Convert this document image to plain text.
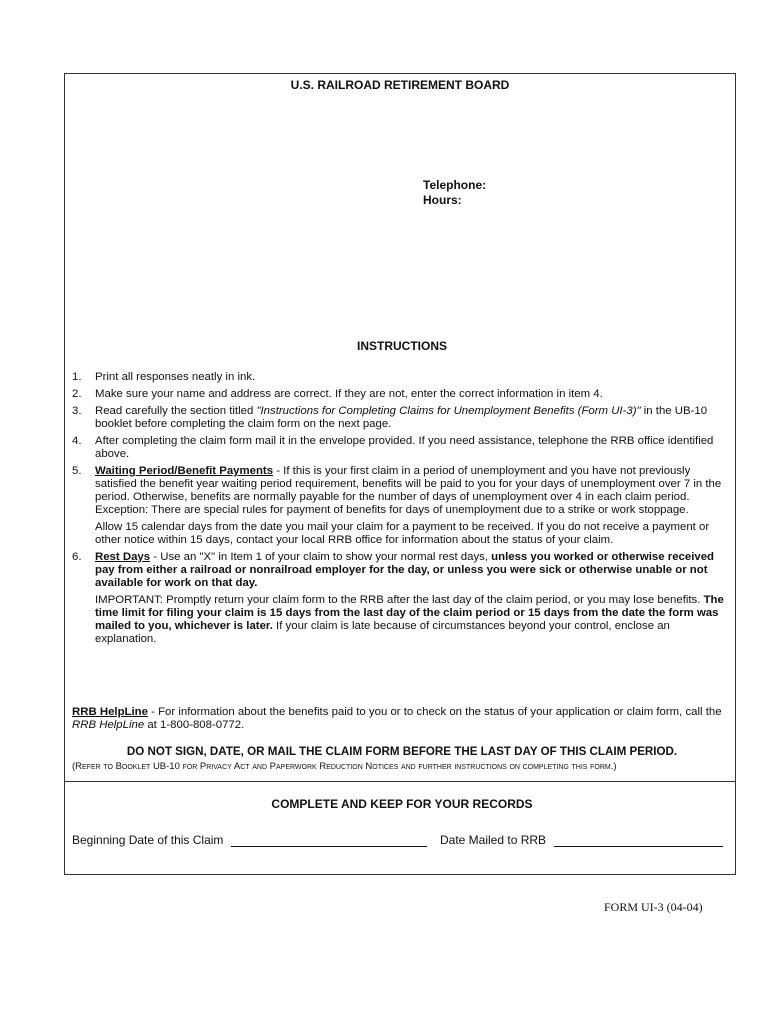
U.S. RAILROAD RETIREMENT BOARD
Telephone:
Hours:
INSTRUCTIONS
1.	Print all responses neatly in ink.
2.	Make sure your name and address are correct. If they are not, enter the correct information in item 4.
3.	Read carefully the section titled "Instructions for Completing Claims for Unemployment Benefits (Form UI-3)" in the UB-10 booklet before completing the claim form on the next page.
4.	After completing the claim form mail it in the envelope provided. If you need assistance, telephone the RRB office identified above.
5.	Waiting Period/Benefit Payments - If this is your first claim in a period of unemployment and you have not previously satisfied the benefit year waiting period requirement, benefits will be paid to you for your days of unemployment over 7 in the period. Otherwise, benefits are normally payable for the number of days of unemployment over 4 in each claim period. Exception: There are special rules for payment of benefits for days of unemployment due to a strike or work stoppage.
Allow 15 calendar days from the date you mail your claim for a payment to be received. If you do not receive a payment or other notice within 15 days, contact your local RRB office for information about the status of your claim.
6.	Rest Days - Use an "X" in Item 1 of your claim to show your normal rest days, unless you worked or otherwise received pay from either a railroad or nonrailroad employer for the day, or unless you were sick or otherwise unable or not available for work on that day.
IMPORTANT: Promptly return your claim form to the RRB after the last day of the claim period, or you may lose benefits. The time limit for filing your claim is 15 days from the last day of the claim period or 15 days from the date the form was mailed to you, whichever is later. If your claim is late because of circumstances beyond your control, enclose an explanation.
RRB HelpLine - For information about the benefits paid to you or to check on the status of your application or claim form, call the RRB HelpLine at 1-800-808-0772.
DO NOT SIGN, DATE, OR MAIL THE CLAIM FORM BEFORE THE LAST DAY OF THIS CLAIM PERIOD.
(Refer to Booklet UB-10 for Privacy Act and Paperwork Reduction Notices and further instructions on completing this form.)
COMPLETE AND KEEP FOR YOUR RECORDS
Beginning Date of this Claim	Date Mailed to RRB
FORM UI-3 (04-04)
